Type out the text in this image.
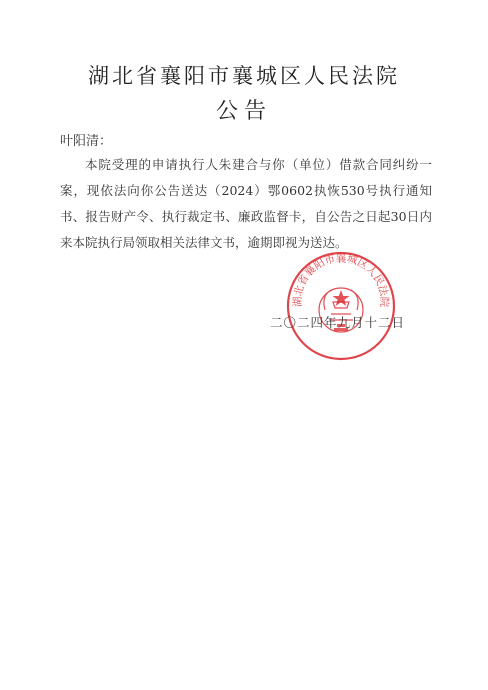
湖北省襄阳市襄城区人民法院
公告
叶阳清：
本院受理的申请执行人朱建合与你（单位）借款合同纠纷一案，现依法向你公告送达（2024）鄂0602执恢530号执行通知书、报告财产令、执行裁定书、廉政监督卡，自公告之日起30日内来本院执行局领取相关法律文书，逾期即视为送达。
湖北省襄阳市襄城区人民法院
二〇二四年九月十二日
